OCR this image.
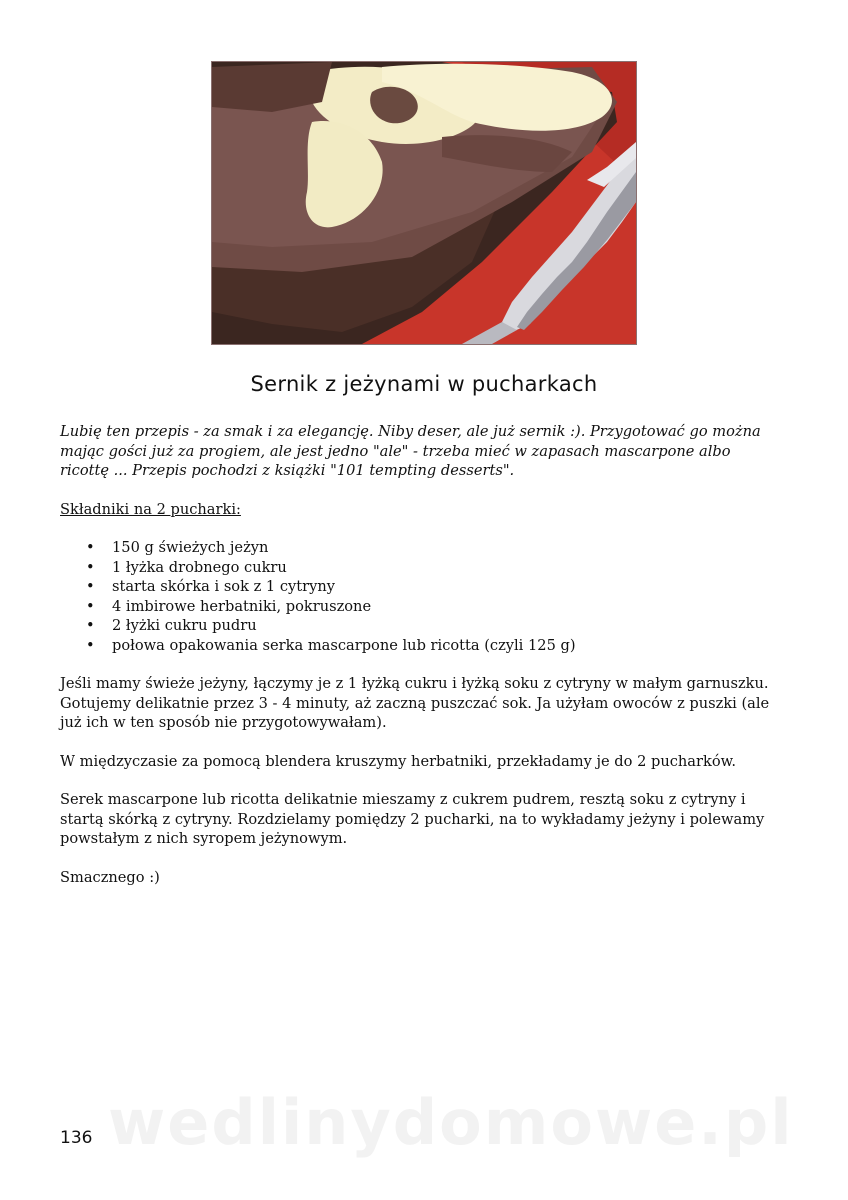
Sernik z jeżynami w pucharkach

Lubię ten przepis - za smak i za elegancję. Niby deser, ale już sernik :). Przygotować go można
mając gości już za progiem, ale jest jedno "ale" - trzeba mieć w zapasach mascarpone albo
ricottę ... Przepis pochodzi z książki "101 tempting desserts".

Składniki na 2 pucharki:

• 150 g świeżych jeżyn
• 1 łyżka drobnego cukru
• starta skórka i sok z 1 cytryny
• 4 imbirowe herbatniki, pokruszone
• 2 łyżki cukru pudru
• połowa opakowania serka mascarpone lub ricotta (czyli 125 g)

Jeśli mamy świeże jeżyny, łączymy je z 1 łyżką cukru i łyżką soku z cytryny w małym garnuszku.
Gotujemy delikatnie przez 3 - 4 minuty, aż zaczną puszczać sok. Ja użyłam owoców z puszki (ale
już ich w ten sposób nie przygotowywałam).

W międzyczasie za pomocą blendera kruszymy herbatniki, przekładamy je do 2 pucharków.

Serek mascarpone lub ricotta delikatnie mieszamy z cukrem pudrem, resztą soku z cytryny i
startą skórką z cytryny. Rozdzielamy pomiędzy 2 pucharki, na to wykładamy jeżyny i polewamy
powstałym z nich syropem jeżynowym.

Smacznego :)

wedlinydomowe.pl
136
